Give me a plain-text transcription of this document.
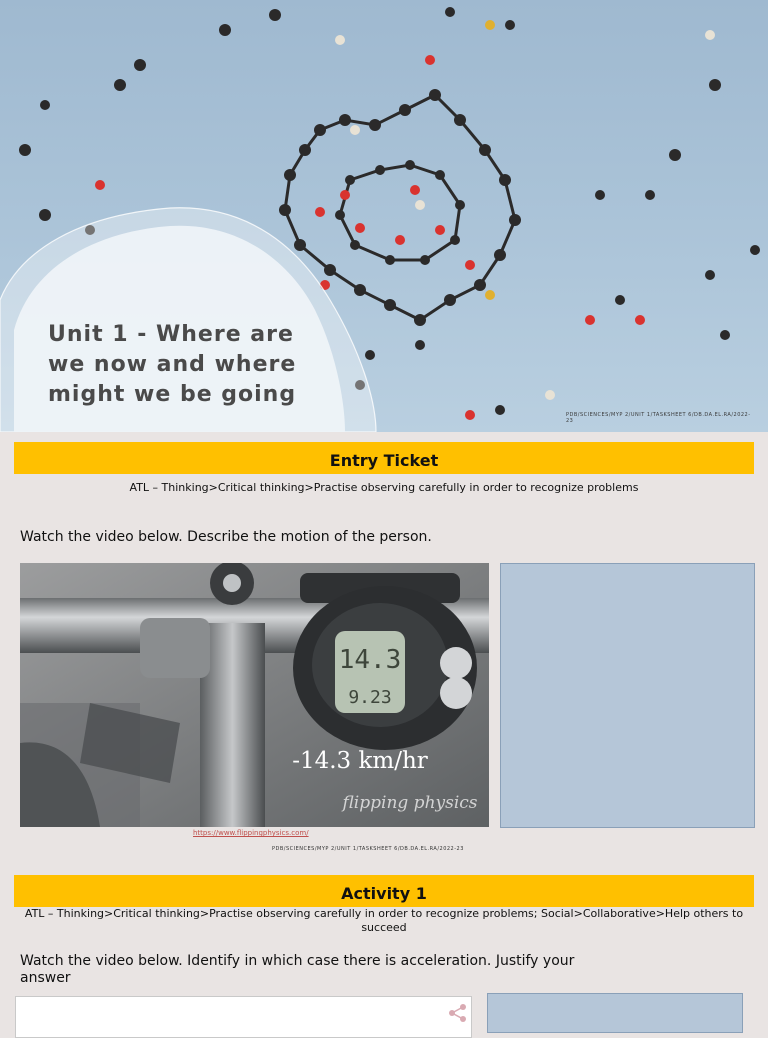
Unit 1 - Where are we now and where might we be going
PDB/SCIENCES/MYP 2/UNIT 1/TASKSHEET 6/DB.DA.EL.RA/2022-23
Entry Ticket
ATL – Thinking>Critical thinking>Practise observing carefully in order to recognize problems
Watch the video below. Describe the motion of the person.
14.3
9.23
-14.3 km/hr
flipping physics
https://www.flippingphysics.com/
PDB/SCIENCES/MYP 2/UNIT 1/TASKSHEET 6/DB.DA.EL.RA/2022-23
Activity 1
ATL – Thinking>Critical thinking>Practise observing carefully in order to recognize problems; Social>Collaborative>Help others to succeed
Watch the video below. Identify in which case there is acceleration. Justify your answer
